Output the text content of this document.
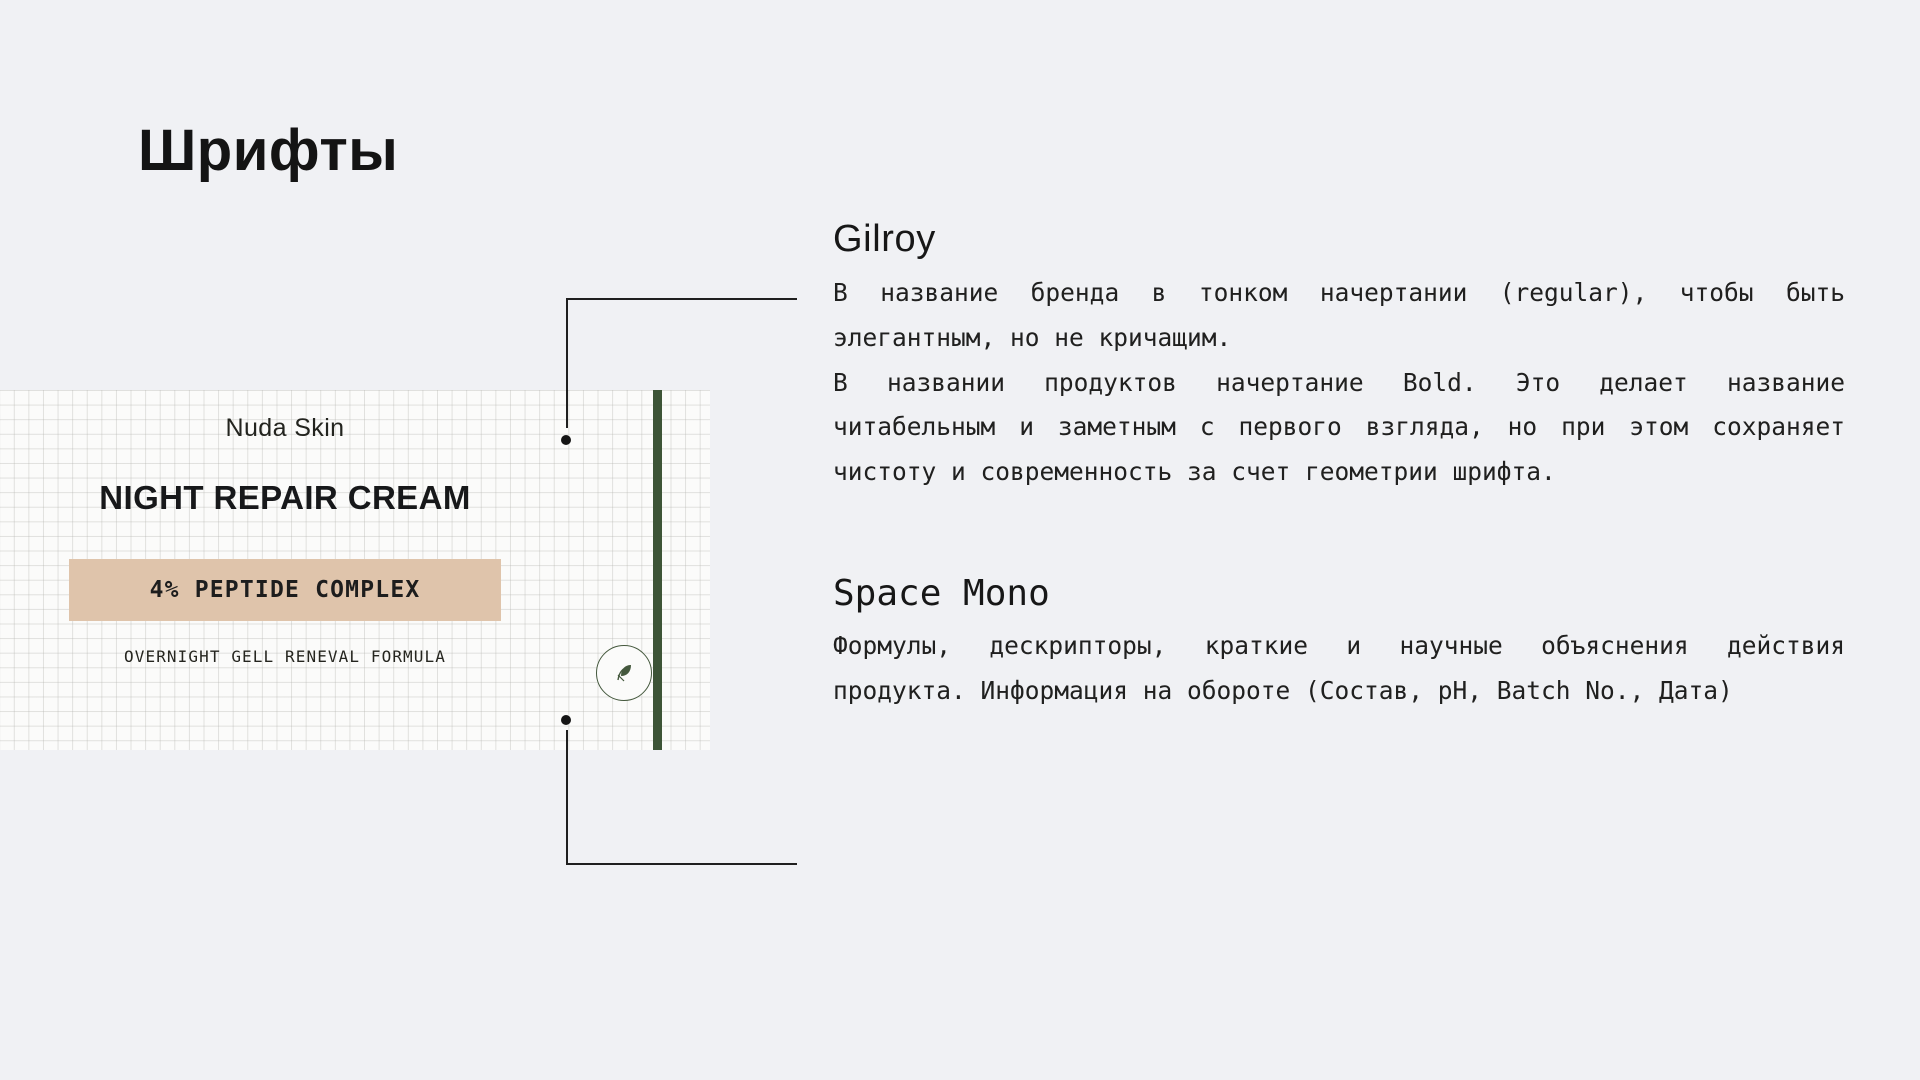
Шрифты
Nuda Skin
NIGHT REPAIR CREAM
4% PEPTIDE COMPLEX
OVERNIGHT GELL RENEVAL FORMULA
Gilroy

В название бренда в тонком начертании (regular), чтобы быть элегантным, но не кричащим.

В названии продуктов начертание Bold. Это делает название читабельным и заметным с первого взгляда, но при этом сохраняет чистоту и современность за счет геометрии шрифта.

Space Mono

Формулы, дескрипторы, краткие и научные объяснения действия продукта. Информация на обороте (Состав, pH, Batch No., Дата)
